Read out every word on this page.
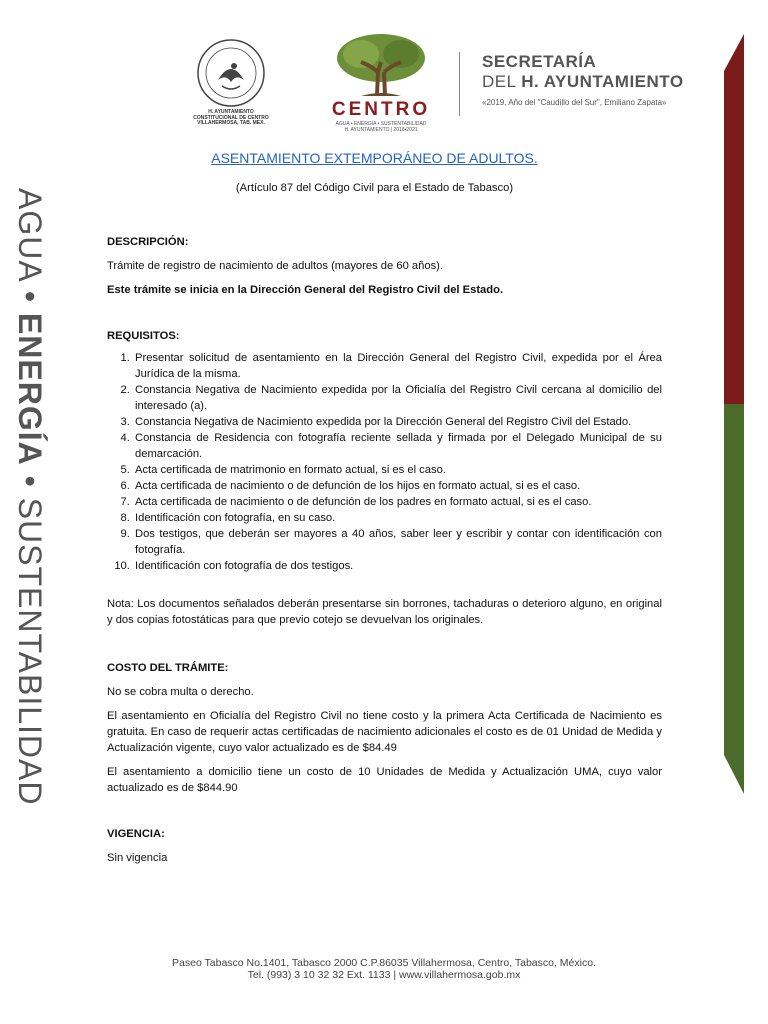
H. AYUNTAMIENTO CONSTITUCIONAL DE CENTRO VILLAHERMOSA, TAB. MEX.
CENTRO
AGUA • ENERGÍA • SUSTENTABILIDAD
H. AYUNTAMIENTO | 2018•2021
SECRETARÍA
DEL H. AYUNTAMIENTO
«2019, Año del "Caudillo del Sur", Emiliano Zapata»
AGUA • ENERGÍA • SUSTENTABILIDAD
ASENTAMIENTO EXTEMPORÁNEO DE ADULTOS.
(Artículo 87 del Código Civil para el Estado de Tabasco)
DESCRIPCIÓN:
Trámite de registro de nacimiento de adultos (mayores de 60 años).
Este trámite se inicia en la Dirección General del Registro Civil del Estado.
REQUISITOS:
1. Presentar solicitud de asentamiento en la Dirección General del Registro Civil, expedida por el Área Jurídica de la misma.
2. Constancia Negativa de Nacimiento expedida por la Oficialía del Registro Civil cercana al domicilio del interesado (a).
3. Constancia Negativa de Nacimiento expedida por la Dirección General del Registro Civil del Estado.
4. Constancia de Residencia con fotografía reciente sellada y firmada por el Delegado Municipal de su demarcación.
5. Acta certificada de matrimonio en formato actual, si es el caso.
6. Acta certificada de nacimiento o de defunción de los hijos en formato actual, si es el caso.
7. Acta certificada de nacimiento o de defunción de los padres en formato actual, si es el caso.
8. Identificación con fotografía, en su caso.
9. Dos testigos, que deberán ser mayores a 40 años, saber leer y escribir y contar con identificación con fotografía.
10. Identificación con fotografía de dos testigos.
Nota: Los documentos señalados deberán presentarse sin borrones, tachaduras o deterioro alguno, en original y dos copias fotostáticas para que previo cotejo se devuelvan los originales.
COSTO DEL TRÁMITE:
No se cobra multa o derecho.
El asentamiento en Oficialía del Registro Civil no tiene costo y la primera Acta Certificada de Nacimiento es gratuita. En caso de requerir actas certificadas de nacimiento adicionales el costo es de 01 Unidad de Medida y Actualización vigente, cuyo valor actualizado es de $84.49
El asentamiento a domicilio tiene un costo de 10 Unidades de Medida y Actualización UMA, cuyo valor actualizado es de $844.90
VIGENCIA:
Sin vigencia
Paseo Tabasco No.1401, Tabasco 2000 C.P.86035 Villahermosa, Centro, Tabasco, México.
Tel. (993) 3 10 32 32 Ext. 1133 | www.villahermosa.gob.mx
